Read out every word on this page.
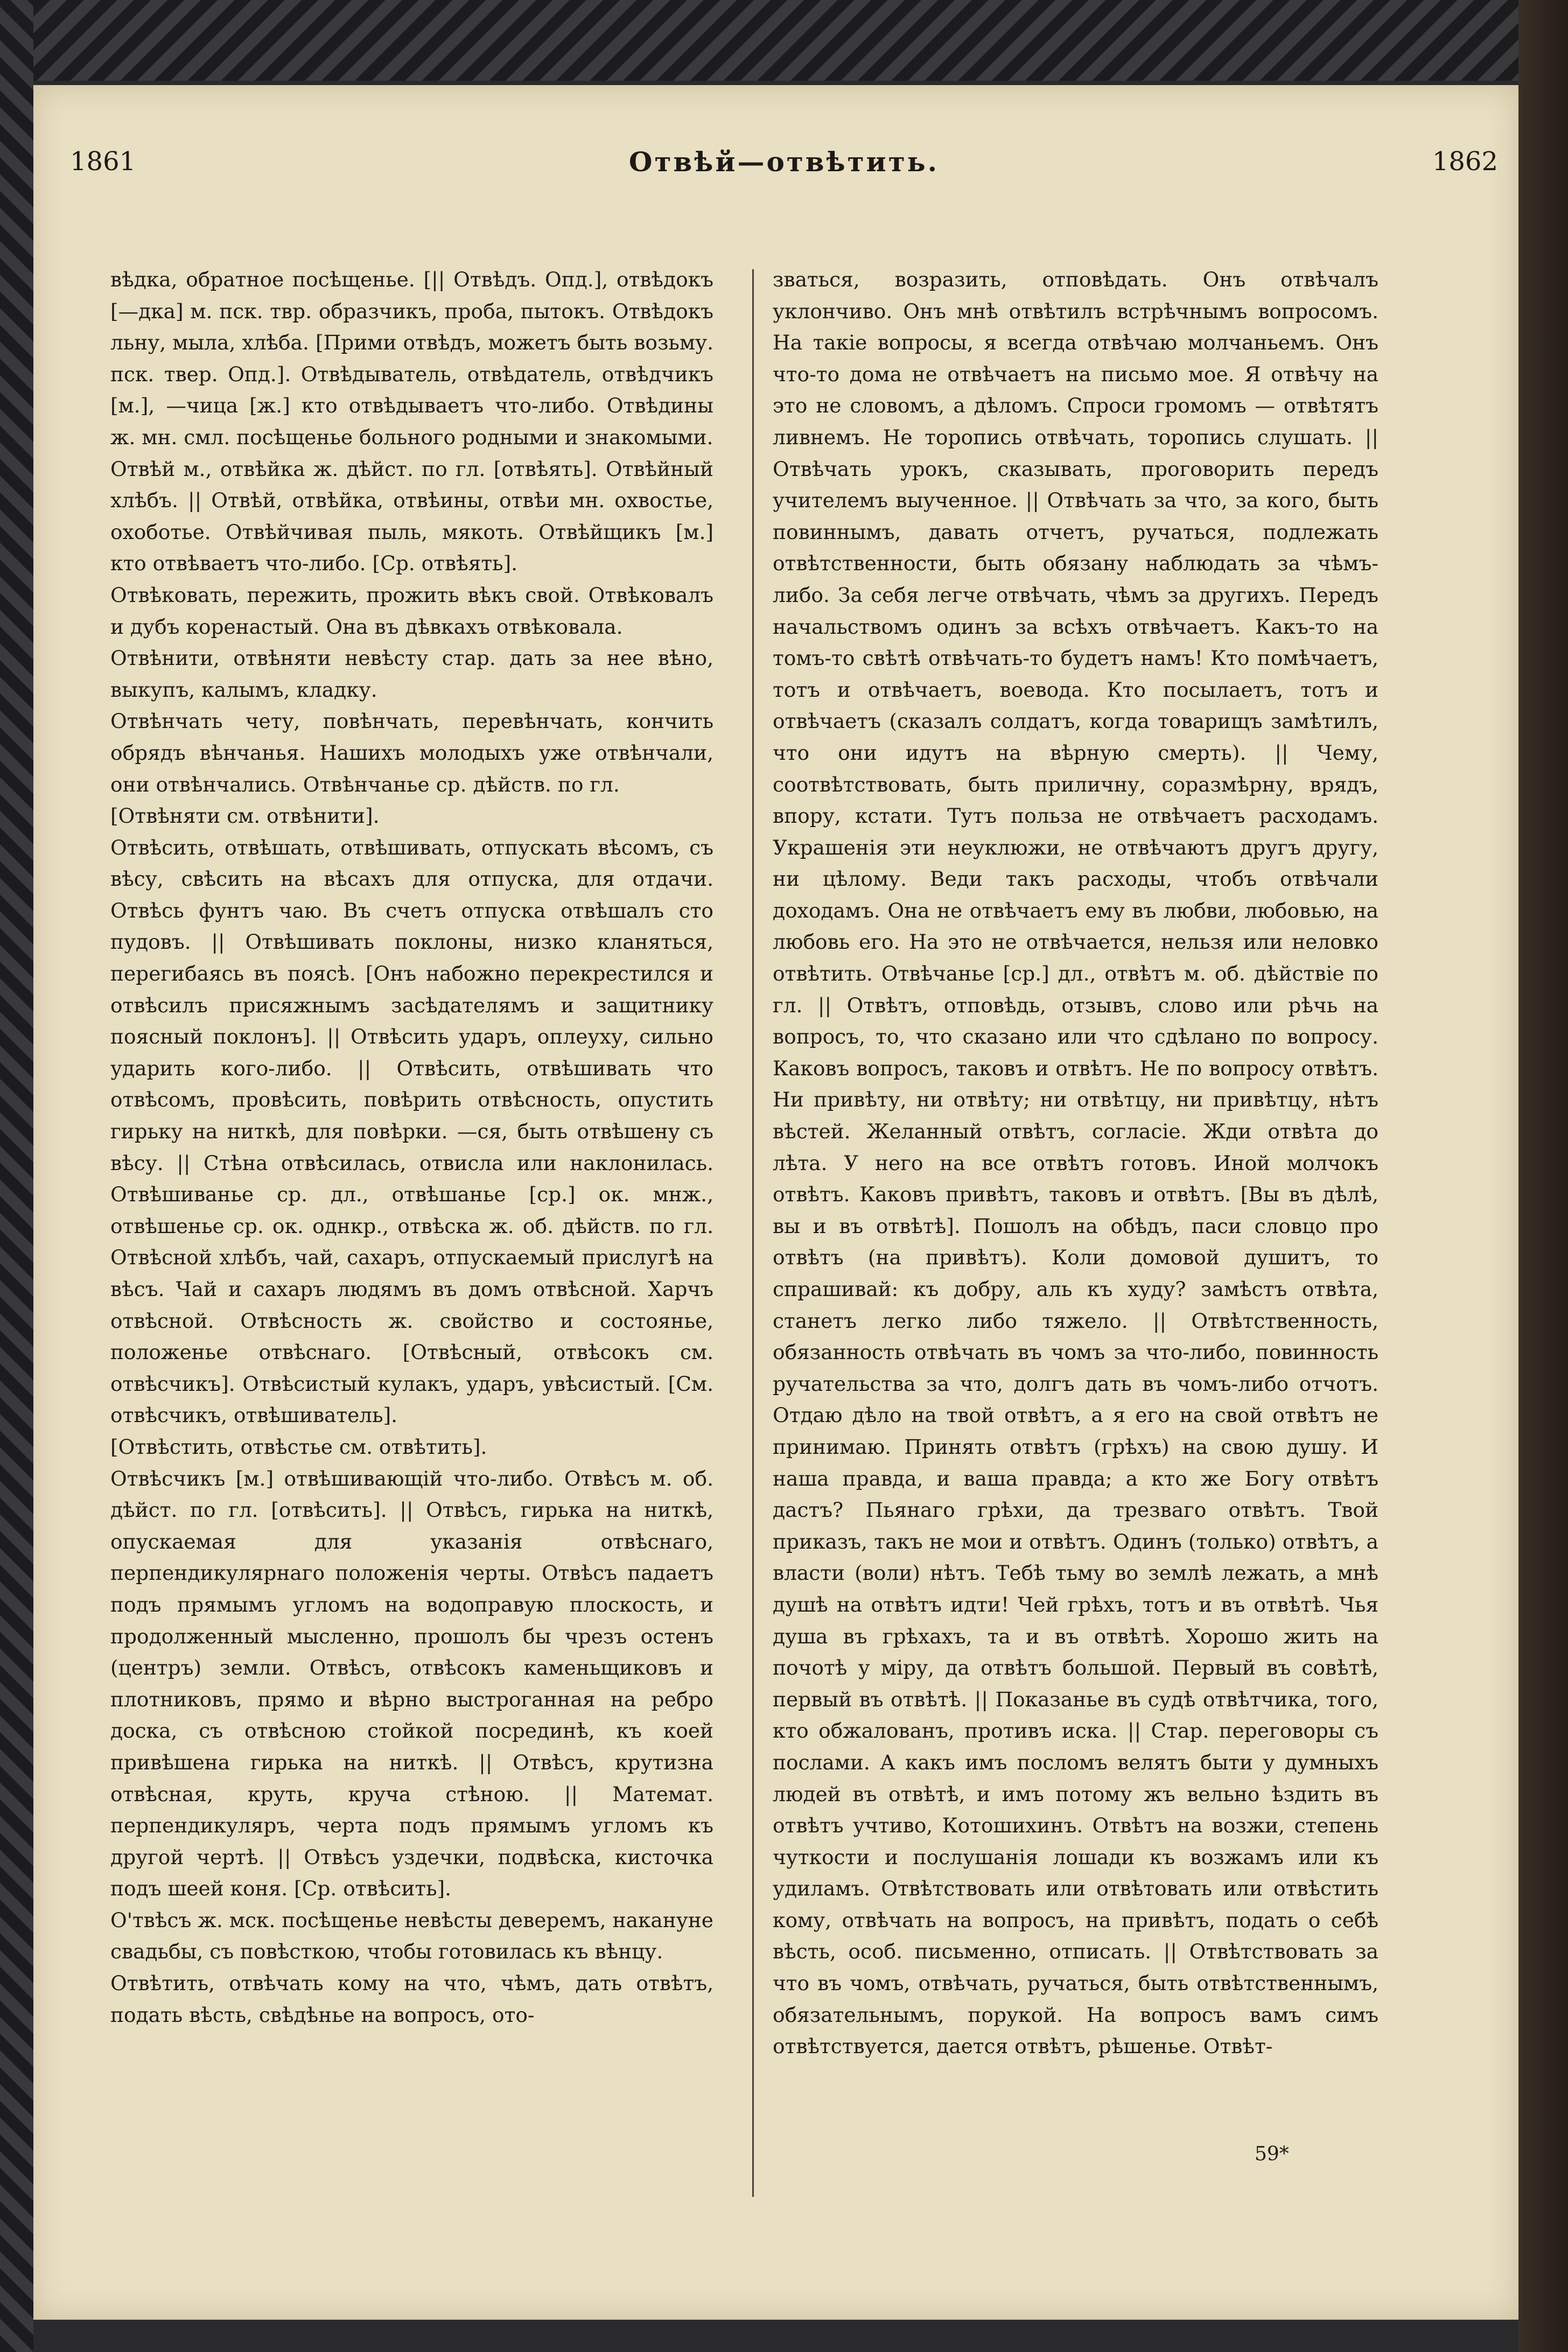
1861	Отвѣй—отвѣтить.	1862

вѣдка, обратное посѣщенье. [|| Отвѣдъ. Опд.], отвѣдокъ [—дка] м. пск. твр. образчикъ, проба, пытокъ. Отвѣдокъ льну, мыла, хлѣба. [Прими отвѣдъ, можетъ быть возьму. пск. твер. Опд.]. Отвѣдыватель, отвѣдатель, отвѣдчикъ [м.], —чица [ж.] кто отвѣдываетъ что-либо. Отвѣдины ж. мн. смл. посѣщенье больного родными и знакомыми.

Отвѣй м., отвѣйка ж. дѣйст. по гл. [отвѣять]. Отвѣйный хлѣбъ. || Отвѣй, отвѣйка, отвѣины, отвѣи мн. охвостье, охоботье. Отвѣйчивая пыль, мякоть. Отвѣйщикъ [м.] кто отвѣваетъ что-либо. [Ср. отвѣять].

Отвѣковать, пережить, прожить вѣкъ свой. Отвѣковалъ и дубъ коренастый. Она въ дѣвкахъ отвѣковала.

Отвѣнити, отвѣняти невѣсту стар. дать за нее вѣно, выкупъ, калымъ, кладку.

Отвѣнчать чету, повѣнчать, перевѣнчать, кончить обрядъ вѣнчанья. Нашихъ молодыхъ уже отвѣнчали, они отвѣнчались. Отвѣнчанье ср. дѣйств. по гл.

[Отвѣняти см. отвѣнити].

Отвѣсить, отвѣшать, отвѣшивать, отпускать вѣсомъ, съ вѣсу, свѣсить на вѣсахъ для отпуска, для отдачи. Отвѣсь фунтъ чаю. Въ счетъ отпуска отвѣшалъ сто пудовъ. || Отвѣшивать поклоны, низко кланяться, перегибаясь въ поясѣ. [Онъ набожно перекрестился и отвѣсилъ присяжнымъ засѣдателямъ и защитнику поясный поклонъ]. || Отвѣсить ударъ, оплеуху, сильно ударить кого-либо. || Отвѣсить, отвѣшивать что отвѣсомъ, провѣсить, повѣрить отвѣсность, опустить гирьку на ниткѣ, для повѣрки. —ся, быть отвѣшену съ вѣсу. || Стѣна отвѣсилась, отвисла или наклонилась. Отвѣшиванье ср. дл., отвѣшанье [ср.] ок. мнж., отвѣшенье ср. ок. однкр., отвѣска ж. об. дѣйств. по гл. Отвѣсной хлѣбъ, чай, сахаръ, отпускаемый прислугѣ на вѣсъ. Чай и сахаръ людямъ въ домъ отвѣсной. Харчъ отвѣсной. Отвѣсность ж. свойство и состоянье, положенье отвѣснаго. [Отвѣсный, отвѣсокъ см. отвѣсчикъ]. Отвѣсистый кулакъ, ударъ, увѣсистый. [См. отвѣсчикъ, отвѣшиватель].

[Отвѣстить, отвѣстье см. отвѣтить].

Отвѣсчикъ [м.] отвѣшивающій что-либо. Отвѣсъ м. об. дѣйст. по гл. [отвѣсить]. || Отвѣсъ, гирька на ниткѣ, опускаемая для указанія отвѣснаго, перпендикулярнаго положенія черты. Отвѣсъ падаетъ подъ прямымъ угломъ на водоправую плоскость, и продолженный мысленно, прошолъ бы чрезъ остенъ (центръ) земли. Отвѣсъ, отвѣсокъ каменьщиковъ и плотниковъ, прямо и вѣрно выстроганная на ребро доска, съ отвѣсною стойкой посрединѣ, къ коей привѣшена гирька на ниткѣ. || Отвѣсъ, крутизна отвѣсная, круть, круча стѣною. || Математ. перпендикуляръ, черта подъ прямымъ угломъ къ другой чертѣ. || Отвѣсъ уздечки, подвѣска, кисточка подъ шеей коня. [Ср. отвѣсить].

О'твѣсъ ж. мск. посѣщенье невѣсты деверемъ, накануне свадьбы, съ повѣсткою, чтобы готовилась къ вѣнцу.

Отвѣтить, отвѣчать кому на что, чѣмъ, дать отвѣтъ, подать вѣсть, свѣдѣнье на вопросъ, ото-

зваться, возразить, отповѣдать. Онъ отвѣчалъ уклончиво. Онъ мнѣ отвѣтилъ встрѣчнымъ вопросомъ. На такіе вопросы, я всегда отвѣчаю молчаньемъ. Онъ что-то дома не отвѣчаетъ на письмо мое. Я отвѣчу на это не словомъ, а дѣломъ. Спроси громомъ — отвѣтятъ ливнемъ. Не торопись отвѣчать, торопись слушать. || Отвѣчать урокъ, сказывать, проговорить передъ учителемъ выученное. || Отвѣчать за что, за кого, быть повиннымъ, давать отчетъ, ручаться, подлежать отвѣтственности, быть обязану наблюдать за чѣмъ-либо. За себя легче отвѣчать, чѣмъ за другихъ. Передъ начальствомъ одинъ за всѣхъ отвѣчаетъ. Какъ-то на томъ-то свѣтѣ отвѣчать-то будетъ намъ! Кто помѣчаетъ, тотъ и отвѣчаетъ, воевода. Кто посылаетъ, тотъ и отвѣчаетъ (сказалъ солдатъ, когда товарищъ замѣтилъ, что они идутъ на вѣрную смерть). || Чему, соотвѣтствовать, быть приличну, соразмѣрну, врядъ, впору, кстати. Тутъ польза не отвѣчаетъ расходамъ. Украшенія эти неуклюжи, не отвѣчаютъ другъ другу, ни цѣлому. Веди такъ расходы, чтобъ отвѣчали доходамъ. Она не отвѣчаетъ ему въ любви, любовью, на любовь его. На это не отвѣчается, нельзя или неловко отвѣтить. Отвѣчанье [ср.] дл., отвѣтъ м. об. дѣйствіе по гл. || Отвѣтъ, отповѣдь, отзывъ, слово или рѣчь на вопросъ, то, что сказано или что сдѣлано по вопросу. Каковъ вопросъ, таковъ и отвѣтъ. Не по вопросу отвѣтъ. Ни привѣту, ни отвѣту; ни отвѣтцу, ни привѣтцу, нѣтъ вѣстей. Желанный отвѣтъ, согласіе. Жди отвѣта до лѣта. У него на все отвѣтъ готовъ. Иной молчокъ отвѣтъ. Каковъ привѣтъ, таковъ и отвѣтъ. [Вы въ дѣлѣ, вы и въ отвѣтѣ]. Пошолъ на обѣдъ, паси словцо про отвѣтъ (на привѣтъ). Коли домовой душитъ, то спрашивай: къ добру, аль къ худу? замѣстъ отвѣта, станетъ легко либо тяжело. || Отвѣтственность, обязанность отвѣчать въ чомъ за что-либо, повинность ручательства за что, долгъ дать въ чомъ-либо отчотъ. Отдаю дѣло на твой отвѣтъ, а я его на свой отвѣтъ не принимаю. Принять отвѣтъ (грѣхъ) на свою душу. И наша правда, и ваша правда; а кто же Богу отвѣтъ дастъ? Пьянаго грѣхи, да трезваго отвѣтъ. Твой приказъ, такъ не мои и отвѣтъ. Одинъ (только) отвѣтъ, а власти (воли) нѣтъ. Тебѣ тьму во землѣ лежать, а мнѣ душѣ на отвѣтъ идти! Чей грѣхъ, тотъ и въ отвѣтѣ. Чья душа въ грѣхахъ, та и въ отвѣтѣ. Хорошо жить на почотѣ у міру, да отвѣтъ большой. Первый въ совѣтѣ, первый въ отвѣтѣ. || Показанье въ судѣ отвѣтчика, того, кто обжалованъ, противъ иска. || Стар. переговоры съ послами. А какъ имъ посломъ велятъ быти у думныхъ людей въ отвѣтѣ, и имъ потому жъ вельно ѣздить въ отвѣтъ учтиво, Котошихинъ. Отвѣтъ на возжи, степень чуткости и послушанія лошади къ возжамъ или къ удиламъ. Отвѣтствовать или отвѣтовать или отвѣстить кому, отвѣчать на вопросъ, на привѣтъ, подать о себѣ вѣсть, особ. письменно, отписать. || Отвѣтствовать за что въ чомъ, отвѣчать, ручаться, быть отвѣтственнымъ, обязательнымъ, порукой. На вопросъ вамъ симъ отвѣтствуется, дается отвѣтъ, рѣшенье. Отвѣт-

59*
